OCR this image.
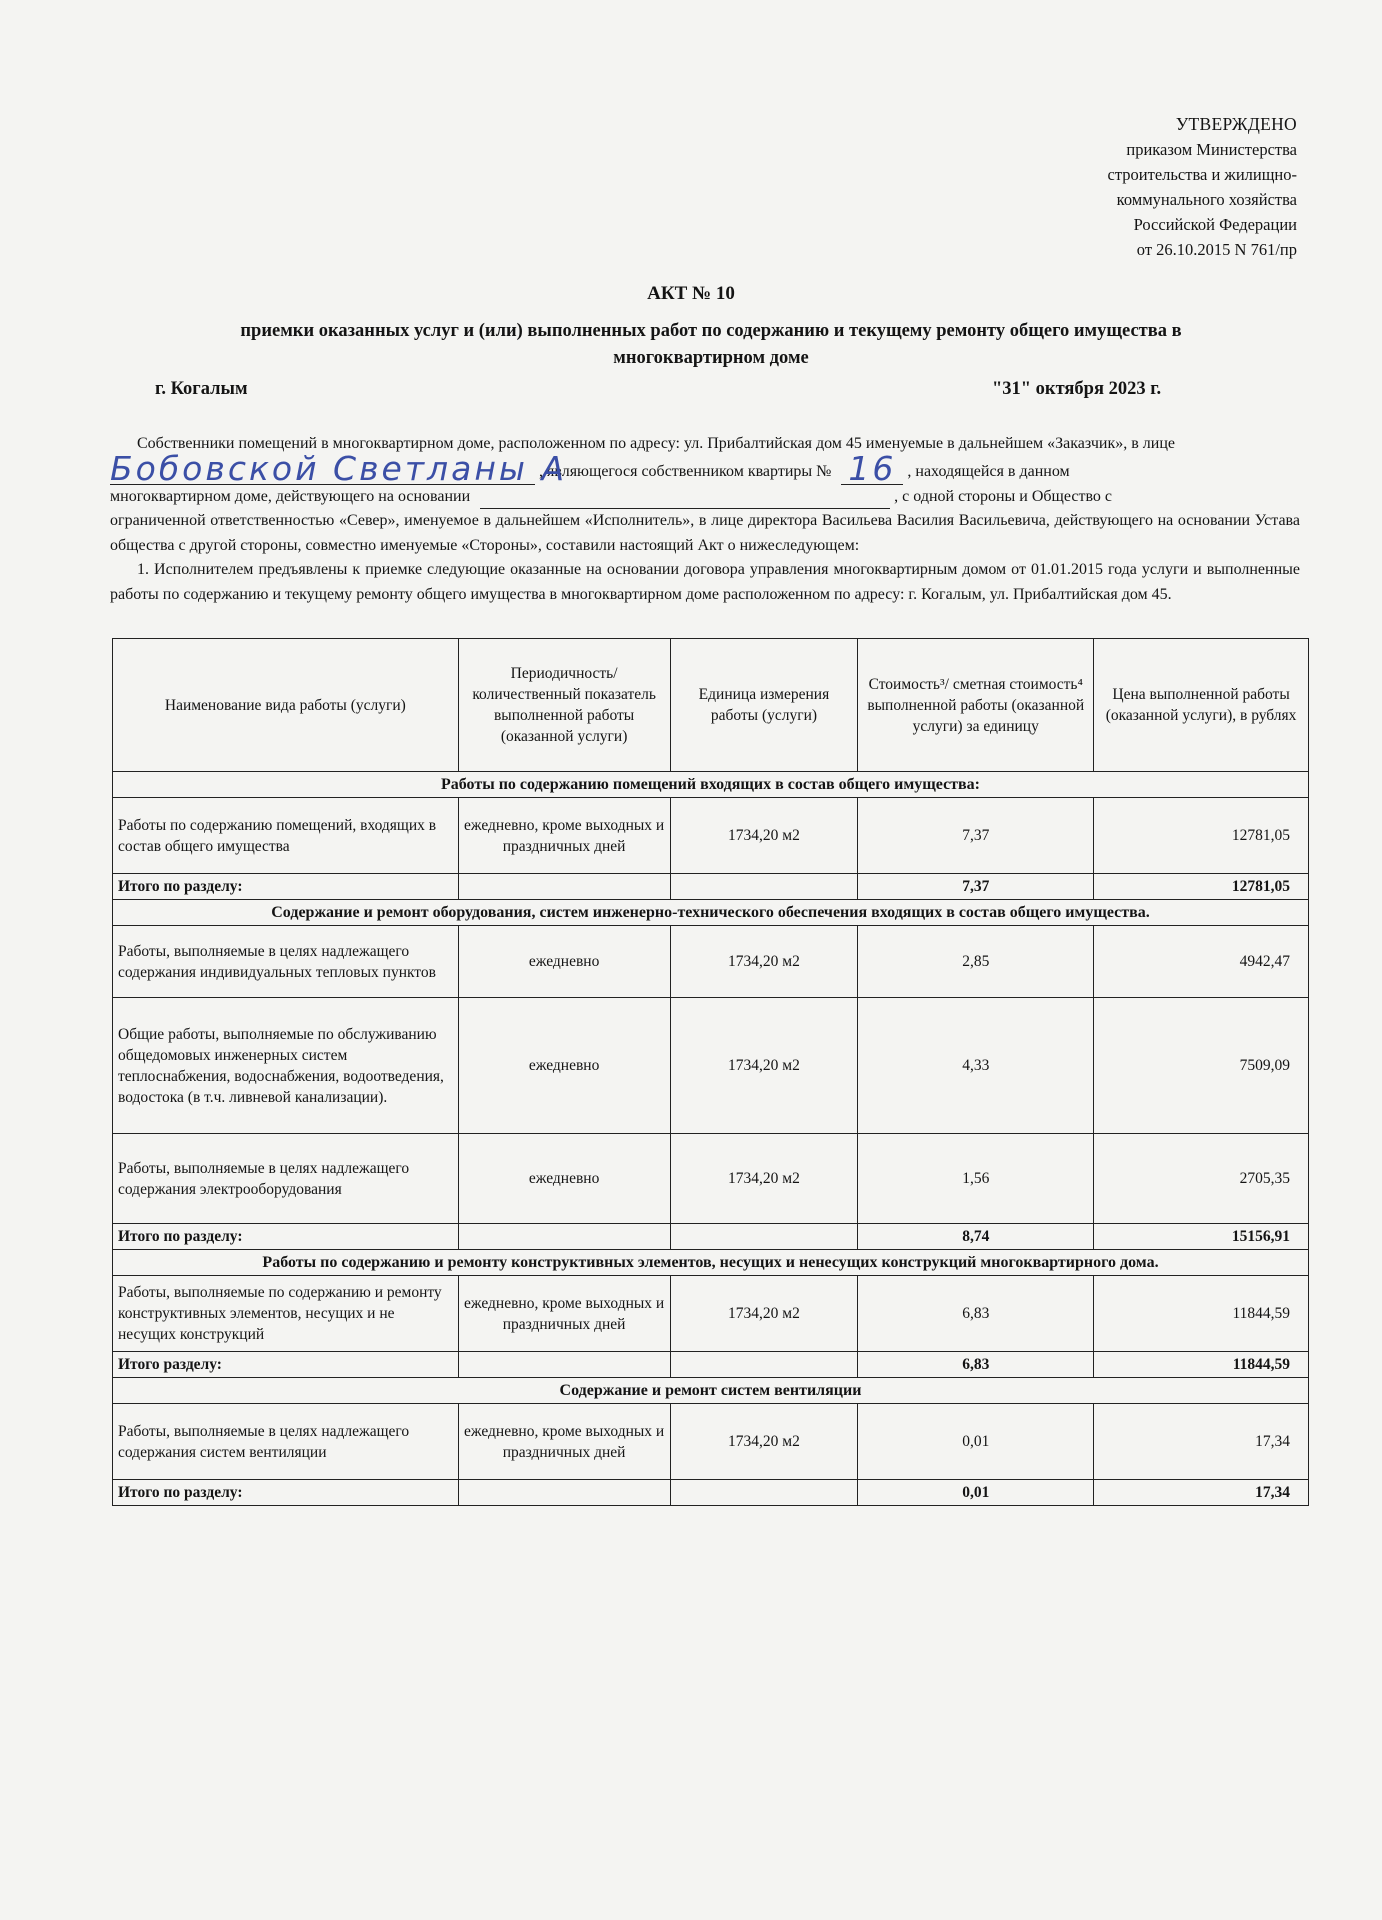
УТВЕРЖДЕНО
приказом Министерства
строительства и жилищно-
коммунального хозяйства
Российской Федерации
от 26.10.2015 N 761/пр
АКТ № 10
приемки оказанных услуг и (или) выполненных работ по содержанию и текущему ремонту общего имущества в многоквартирном доме
г. Когалым	"31" октября 2023 г.

Собственники помещений в многоквартирном доме, расположенном по адресу: ул. Прибалтийская дом 45 именуемые в дальнейшем «Заказчик», в лице

Бобовской Светланы А
, являющегося собственником квартиры № 16 , находящейся в данном
многоквартирном доме, действующего на основании	, с одной стороны и Общество с

ограниченной ответственностью «Север», именуемое в дальнейшем «Исполнитель», в лице директора Васильева Василия Васильевича, действующего на основании Устава общества с другой стороны, совместно именуемые «Стороны», составили настоящий Акт о нижеследующем:

1. Исполнителем предъявлены к приемке следующие оказанные на основании договора управления многоквартирным домом от 01.01.2015 года услуги и выполненные работы по содержанию и текущему ремонту общего имущества в многоквартирном доме расположенном по адресу: г. Когалым, ул. Прибалтийская дом 45.

Наименование вида работы (услуги)	Периодичность/ количественный показатель выполненной работы (оказанной услуги)	Единица измерения работы (услуги)	Стоимость³/ сметная стоимость⁴ выполненной работы (оказанной услуги) за единицу	Цена выполненной работы (оказанной услуги), в рублях
Работы по содержанию помещений входящих в состав общего имущества:				
Работы по содержанию помещений, входящих в состав общего имущества	ежедневно, кроме выходных и праздничных дней	1734,20 м2	7,37	12781,05
Итого по разделу:			7,37	12781,05
Содержание и ремонт оборудования, систем инженерно-технического обеспечения входящих в состав общего имущества.				
Работы, выполняемые в целях надлежащего содержания индивидуальных тепловых пунктов	ежедневно	1734,20 м2	2,85	4942,47
Общие работы, выполняемые по обслуживанию общедомовых инженерных систем теплоснабжения, водоснабжения, водоотведения, водостока (в т.ч. ливневой канализации).	ежедневно	1734,20 м2	4,33	7509,09
Работы, выполняемые в целях надлежащего содержания электрооборудования	ежедневно	1734,20 м2	1,56	2705,35
Итого по разделу:			8,74	15156,91
Работы по содержанию и ремонту конструктивных элементов, несущих и ненесущих конструкций многоквартирного дома.				
Работы, выполняемые по содержанию и ремонту конструктивных элементов, несущих и не несущих конструкций	ежедневно, кроме выходных и праздничных дней	1734,20 м2	6,83	11844,59
Итого разделу:			6,83	11844,59
Содержание и ремонт систем вентиляции				
Работы, выполняемые в целях надлежащего содержания систем вентиляции	ежедневно, кроме выходных и праздничных дней	1734,20 м2	0,01	17,34
Итого по разделу:			0,01	17,34
